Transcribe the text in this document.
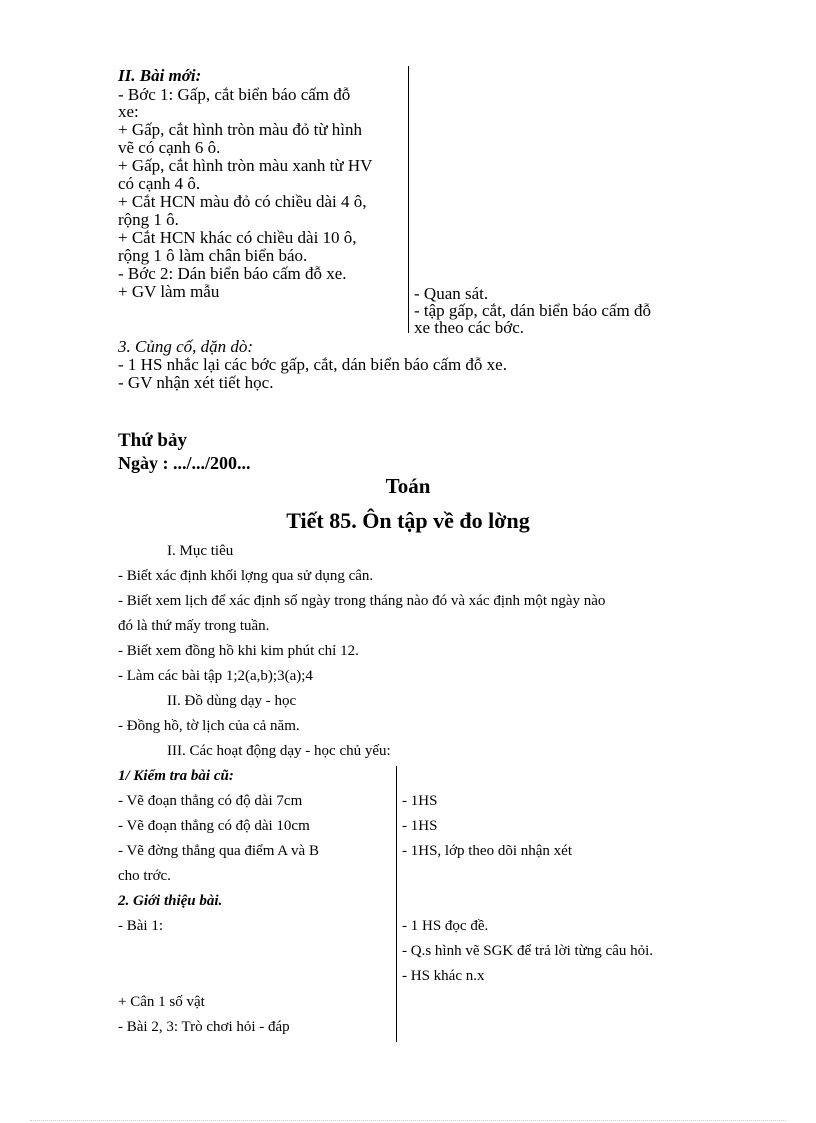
II. Bài mới:
- Bớc 1: Gấp, cắt biển báo cấm đỗ
xe:
+ Gấp, cắt hình tròn màu đỏ từ hình
vẽ có cạnh 6 ô.
+ Gấp, cắt hình tròn màu xanh từ HV
có cạnh 4 ô.
+ Cắt HCN màu đỏ có chiều dài 4 ô,
rộng 1 ô.
+ Cắt HCN khác có chiều dài 10 ô,
rộng 1 ô làm chân biển báo.
- Bớc 2: Dán biển báo cấm đỗ xe.
+ GV làm mẫu	- Quan sát.
- tập gấp, cắt, dán biển báo cấm đỗ
xe theo các bớc.
3. Củng cố, dặn dò:
- 1 HS nhắc lại các bớc gấp, cắt, dán biển báo cấm đỗ xe.
- GV nhận xét tiết học.
Thứ bảy
Ngày : .../.../200...
Toán
Tiết 85. Ôn tập về đo lờng
I. Mục tiêu
- Biết xác định khối lợng qua sử dụng cân.
- Biết xem lịch để xác định số ngày trong tháng nào đó và xác định một ngày nào
đó là thứ mấy trong tuần.
- Biết xem đồng hồ khi kim phút chỉ 12.
- Làm các bài tập 1;2(a,b);3(a);4
II. Đồ dùng dạy - học
- Đồng hồ, tờ lịch của cả năm.
III. Các hoạt động dạy - học chủ yếu:
1/ Kiểm tra bài cũ:
- Vẽ đoạn thẳng có độ dài 7cm
- Vẽ đoạn thẳng có độ dài 10cm
- Vẽ đờng thẳng qua điểm A và B
cho trớc.
- 1HS
- 1HS
- 1HS, lớp theo dõi nhận xét
2. Giới thiệu bài.
- Bài 1:	- 1 HS đọc đề.
- Q.s hình vẽ SGK để trả lời từng câu hỏi.
- HS khác n.x
+ Cân 1 số vật
- Bài 2, 3: Trò chơi hỏi - đáp
